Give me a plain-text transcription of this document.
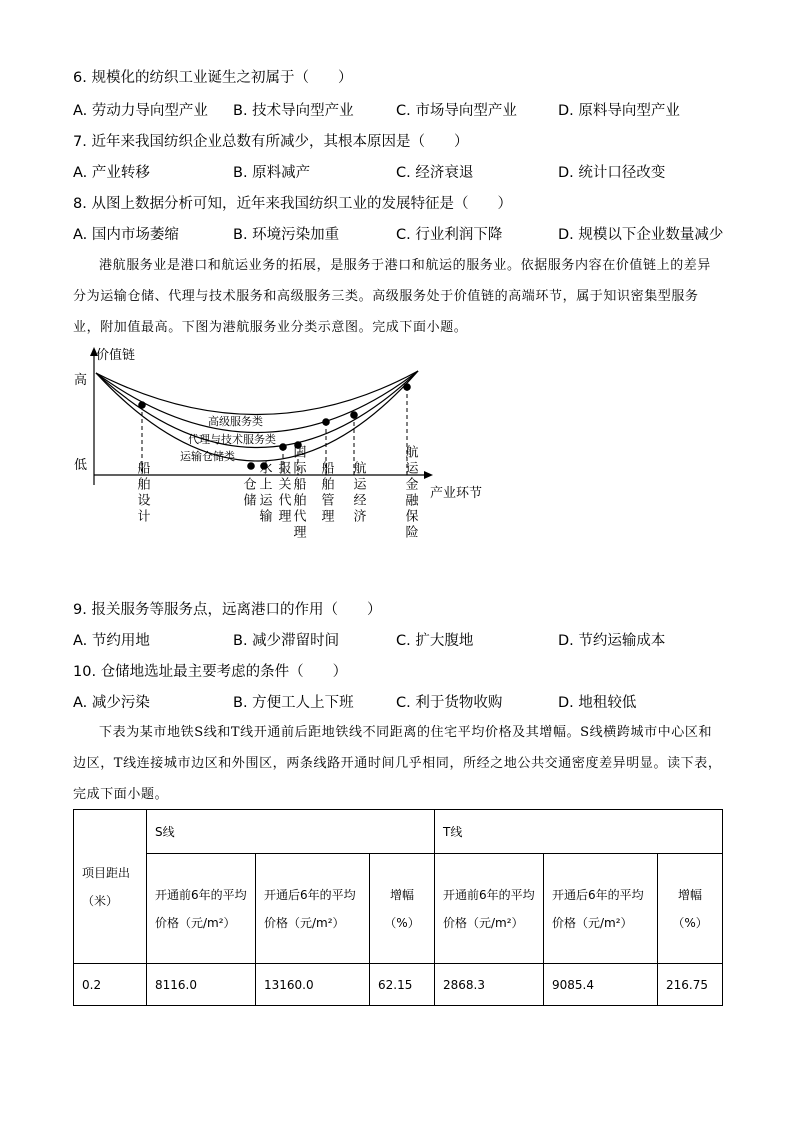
6. 规模化的纺织工业诞生之初属于（　　）
A. 劳动力导向型产业 B. 技术导向型产业	C. 市场导向型产业	D. 原料导向型产业
7. 近年来我国纺织企业总数有所减少，其根本原因是（　　）
A. 产业转移	B. 原料减产	C. 经济衰退	D. 统计口径改变
8. 从图上数据分析可知，近年来我国纺织工业的发展特征是（　　）
A. 国内市场萎缩	B. 环境污染加重	C. 行业利润下降	D. 规模以下企业数量减少
港航服务业是港口和航运业务的拓展，是服务于港口和航运的服务业。依据服务内容在价值链上的差异分为运输仓储、代理与技术服务和高级服务三类。高级服务处于价值链的高端环节，属于知识密集型服务业，附加值最高。下图为港航服务业分类示意图。完成下面小题。
价值链
高
低
产业环节
高级服务类
代理与技术服务类
运输仓储类
船舶设计	仓储 水上运输 报关代理 国际船舶代理 船舶管理 航运经济	航运金融保险
9. 报关服务等服务点，远离港口的作用（　　）
A. 节约用地	B. 减少滞留时间	C. 扩大腹地	D. 节约运输成本
10. 仓储地选址最主要考虑的条件（　　）
A. 减少污染	B. 方便工人上下班	C. 利于货物收购	D. 地租较低
下表为某市地铁S线和T线开通前后距地铁线不同距离的住宅平均价格及其增幅。S线横跨城市中心区和边区，T线连接城市边区和外围区，两条线路开通时间几乎相同，所经之地公共交通密度差异明显。读下表，完成下面小题。
项目距出（米）	S线			T线		
	开通前6年的平均价格（元/m²）	开通后6年的平均价格（元/m²）	增幅（%）	开通前6年的平均价格（元/m²）	开通后6年的平均价格（元/m²）	增幅（%）
0.2	8116.0	13160.0	62.15	2868.3	9085.4	216.75
